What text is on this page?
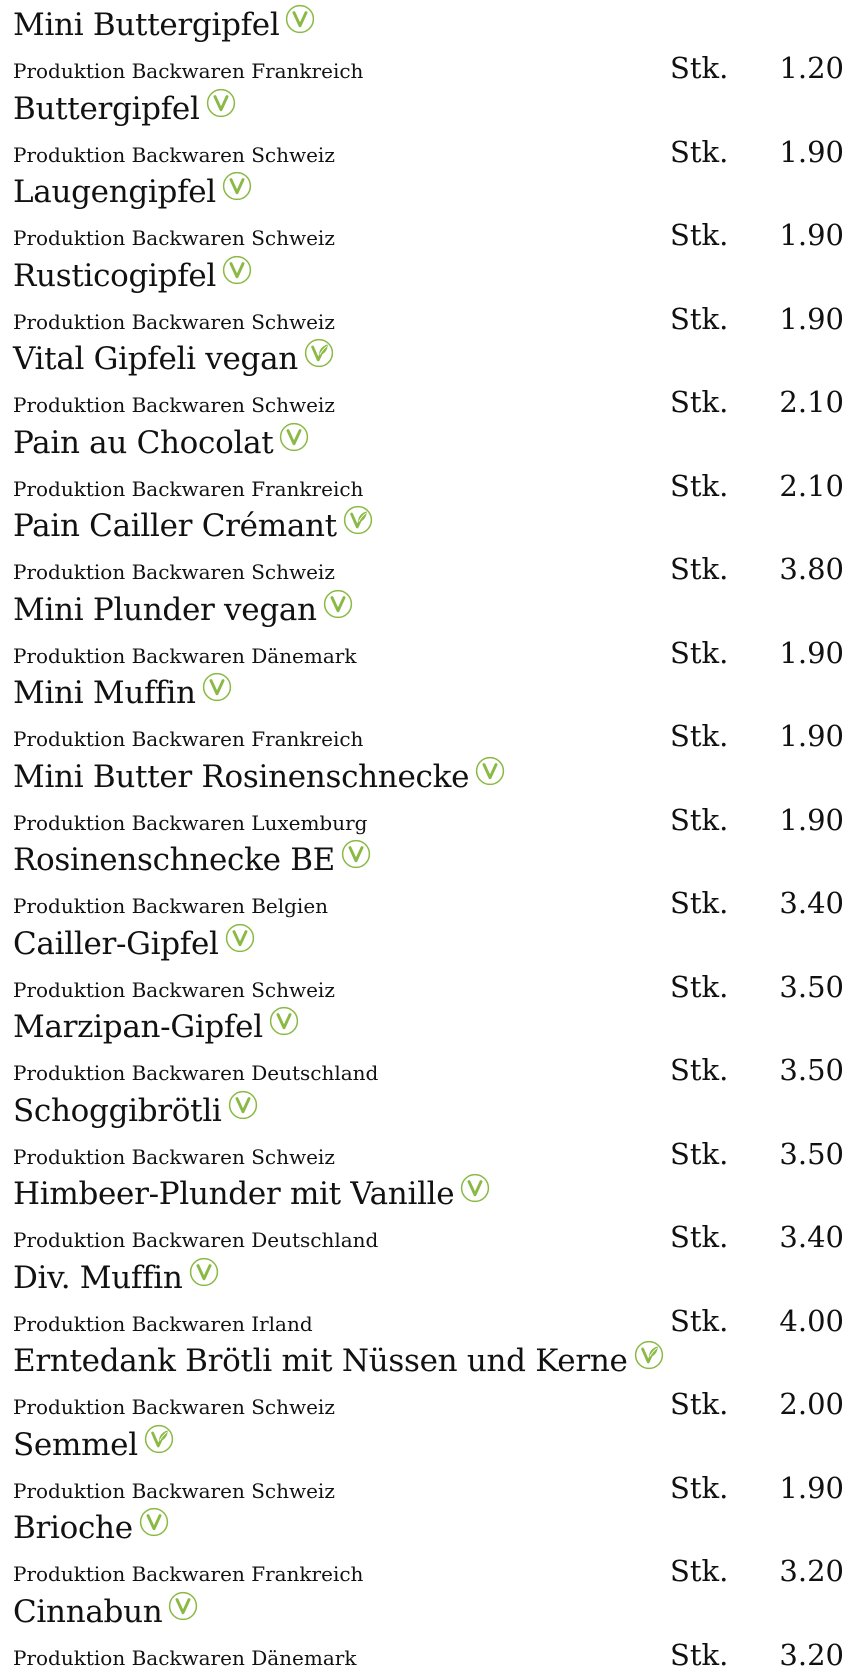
Mini Buttergipfel
Produktion Backwaren Frankreich	Stk. 1.20
Buttergipfel
Produktion Backwaren Schweiz	Stk. 1.90
Laugengipfel
Produktion Backwaren Schweiz	Stk. 1.90
Rusticogipfel
Produktion Backwaren Schweiz	Stk. 1.90
Vital Gipfeli vegan
Produktion Backwaren Schweiz	Stk. 2.10
Pain au Chocolat
Produktion Backwaren Frankreich	Stk. 2.10
Pain Cailler Crémant
Produktion Backwaren Schweiz	Stk. 3.80
Mini Plunder vegan
Produktion Backwaren Dänemark	Stk. 1.90
Mini Muffin
Produktion Backwaren Frankreich	Stk. 1.90
Mini Butter Rosinenschnecke
Produktion Backwaren Luxemburg	Stk. 1.90
Rosinenschnecke BE
Produktion Backwaren Belgien	Stk. 3.40
Cailler-Gipfel
Produktion Backwaren Schweiz	Stk. 3.50
Marzipan-Gipfel
Produktion Backwaren Deutschland	Stk. 3.50
Schoggibrötli
Produktion Backwaren Schweiz	Stk. 3.50
Himbeer-Plunder mit Vanille
Produktion Backwaren Deutschland	Stk. 3.40
Div. Muffin
Produktion Backwaren Irland	Stk. 4.00
Erntedank Brötli mit Nüssen und Kerne
Produktion Backwaren Schweiz	Stk. 2.00
Semmel
Produktion Backwaren Schweiz	Stk. 1.90
Brioche
Produktion Backwaren Frankreich	Stk. 3.20
Cinnabun
Produktion Backwaren Dänemark	Stk. 3.20
